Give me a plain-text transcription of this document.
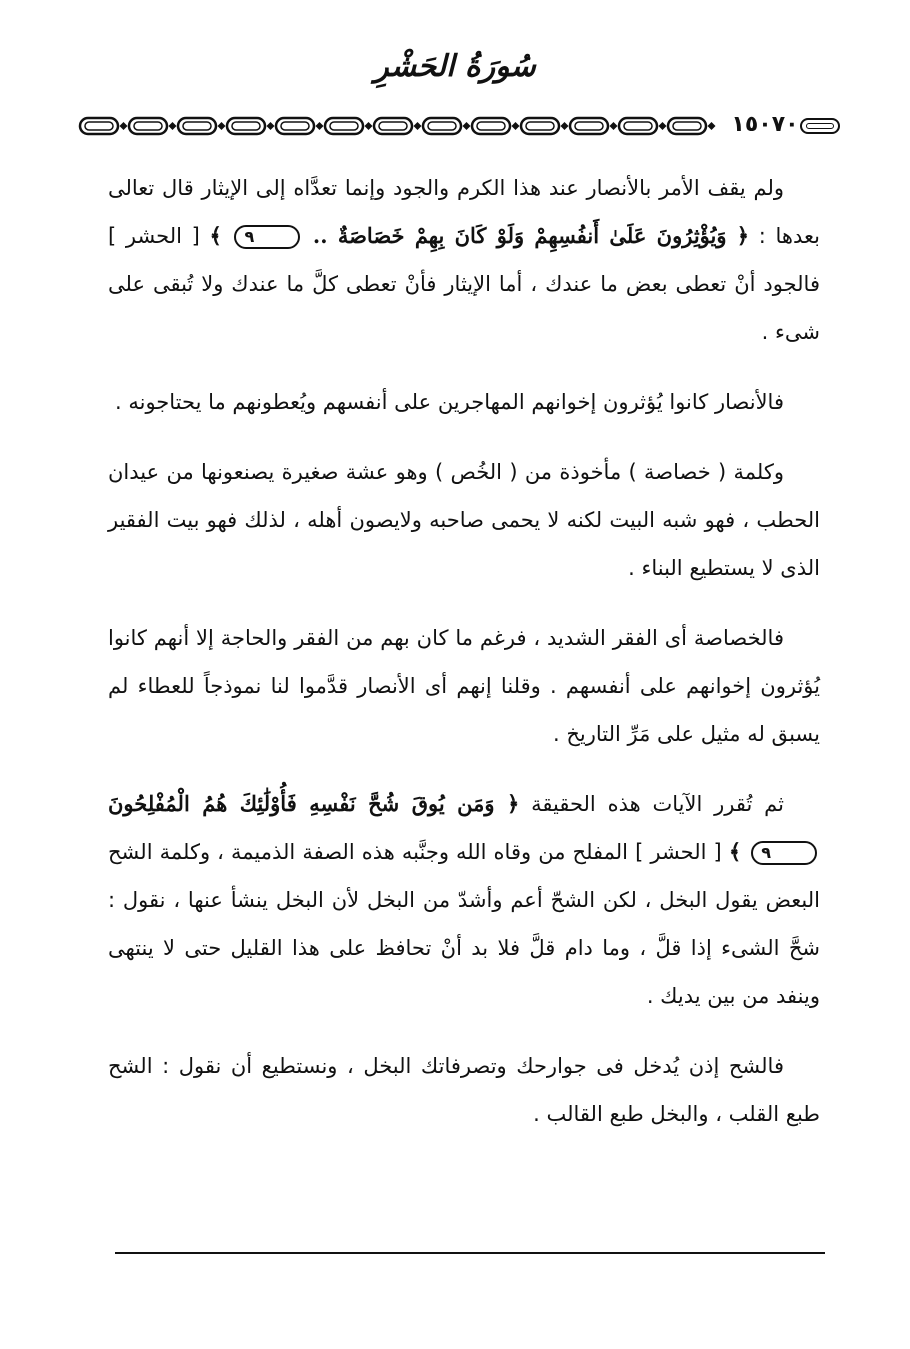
سُورَةُ الحَشْرِ
١٥٠٧٠

ولم يقف الأمر بالأنصار عند هذا الكرم والجود وإنما تعدَّاه إلى الإيثار قال تعالى بعدها : ﴿ وَيُؤْثِرُونَ عَلَىٰ أَنفُسِهِمْ وَلَوْ كَانَ بِهِمْ خَصَاصَةٌ .. ٩ ﴾ [ الحشر ] فالجود أنْ تعطى بعض ما عندك ، أما الإيثار فأنْ تعطى كلَّ ما عندك ولا تُبقى على شىء .

فالأنصار كانوا يُؤثرون إخوانهم المهاجرين على أنفسهم ويُعطونهم ما يحتاجونه .

وكلمة ( خصاصة ) مأخوذة من ( الخُص ) وهو عشة صغيرة يصنعونها من عيدان الحطب ، فهو شبه البيت لكنه لا يحمى صاحبه ولايصون أهله ، لذلك فهو بيت الفقير الذى لا يستطيع البناء .

فالخصاصة أى الفقر الشديد ، فرغم ما كان بهم من الفقر والحاجة إلا أنهم كانوا يُؤثرون إخوانهم على أنفسهم . وقلنا إنهم أى الأنصار قدَّموا لنا نموذجاً للعطاء لم يسبق له مثيل على مَرِّ التاريخ .

ثم تُقرر الآيات هذه الحقيقة ﴿ وَمَن يُوقَ شُحَّ نَفْسِهِ فَأُوْلَٰئِكَ هُمُ الْمُفْلِحُونَ ٩ ﴾ [ الحشر ] المفلح من وقاه الله وجنَّبه هذه الصفة الذميمة ، وكلمة الشح البعض يقول البخل ، لكن الشحّ أعم وأشدّ من البخل لأن البخل ينشأ عنها ، نقول : شحَّ الشىء إذا قلَّ ، وما دام قلَّ فلا بد أنْ تحافظ على هذا القليل حتى لا ينتهى وينفد من بين يديك .

فالشح إذن يُدخل فى جوارحك وتصرفاتك البخل ، ونستطيع أن نقول : الشح طبع القلب ، والبخل طبع القالب .
